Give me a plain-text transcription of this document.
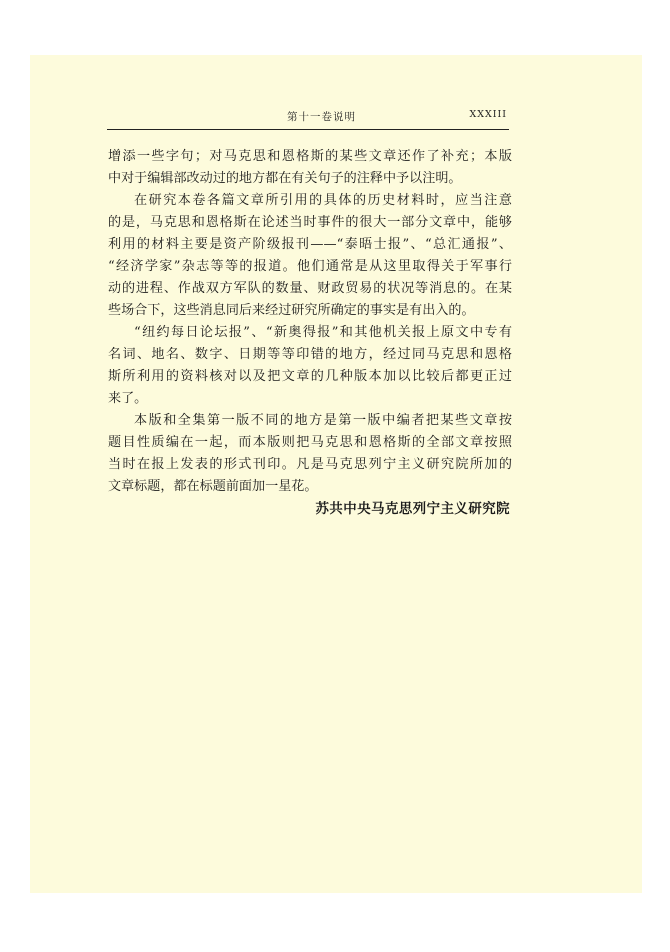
第十一卷说明	XXXIII
增添一些字句；对马克思和恩格斯的某些文章还作了补充；本版
中对于编辑部改动过的地方都在有关句子的注释中予以注明。
在研究本卷各篇文章所引用的具体的历史材料时，应当注意
的是，马克思和恩格斯在论述当时事件的很大一部分文章中，能够
利用的材料主要是资产阶级报刊——“泰晤士报”、“总汇通报”、
“经济学家”杂志等等的报道。他们通常是从这里取得关于军事行
动的进程、作战双方军队的数量、财政贸易的状况等消息的。在某
些场合下，这些消息同后来经过研究所确定的事实是有出入的。
“纽约每日论坛报”、“新奥得报”和其他机关报上原文中专有
名词、地名、数字、日期等等印错的地方，经过同马克思和恩格
斯所利用的资料核对以及把文章的几种版本加以比较后都更正过
来了。
本版和全集第一版不同的地方是第一版中编者把某些文章按
题目性质编在一起，而本版则把马克思和恩格斯的全部文章按照
当时在报上发表的形式刊印。凡是马克思列宁主义研究院所加的
文章标题，都在标题前面加一星花。
苏共中央马克思列宁主义研究院
